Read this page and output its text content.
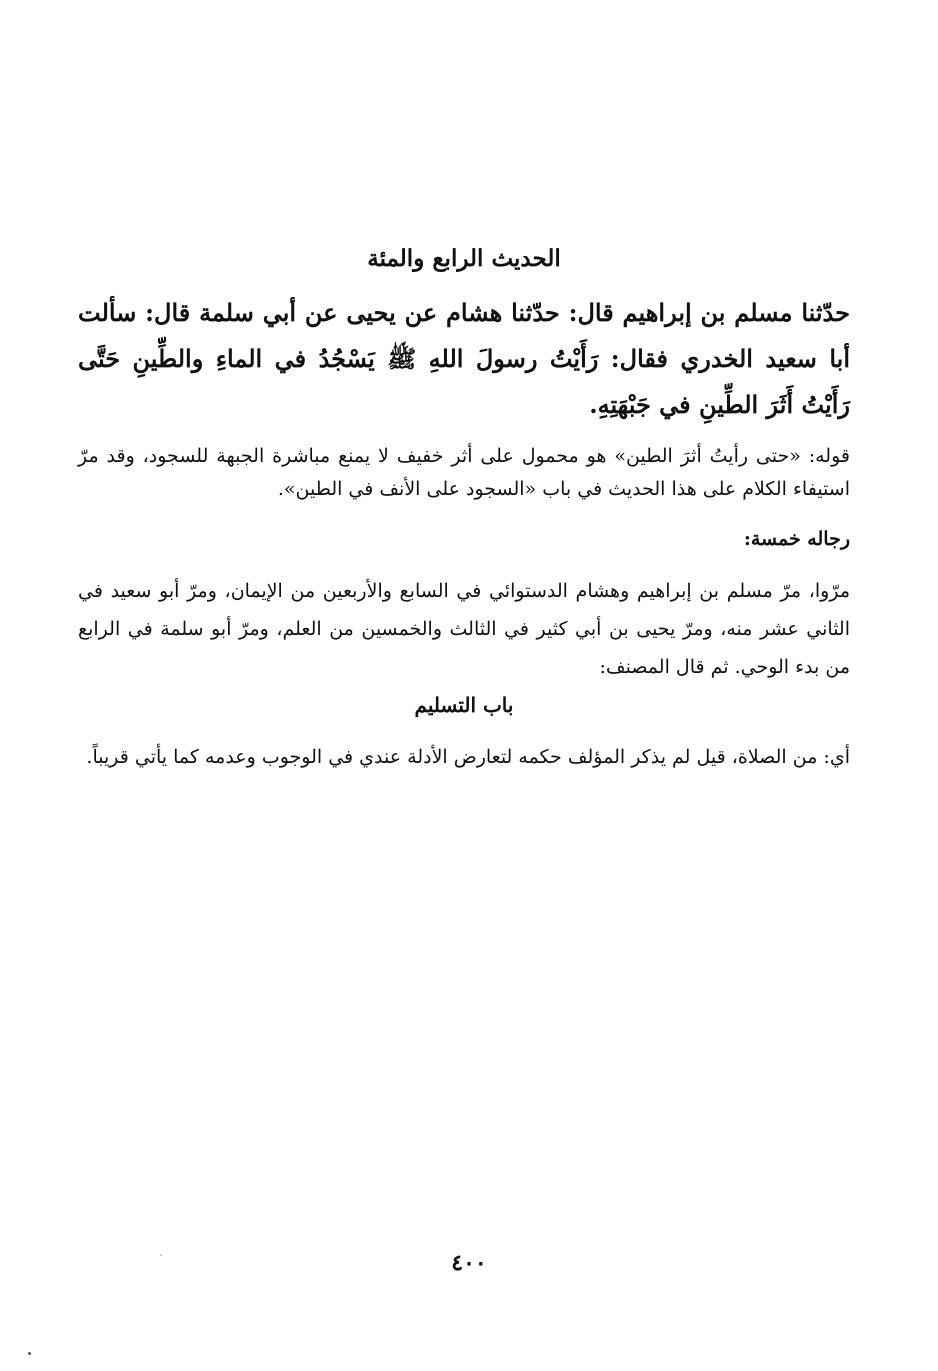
الحديث الرابع والمئة
حدّثنا مسلم بن إبراهيم قال: حدّثنا هشام عن يحيى عن أبي سلمة قال: سألت أبا سعيد الخدري فقال: رَأَيْتُ رسولَ اللهِ ﷺ يَسْجُدُ في الماءِ والطِّينِ حَتَّى رَأَيْتُ أَثَرَ الطِّينِ في جَبْهَتِهِ.
قوله: «حتى رأيتُ أثرَ الطين» هو محمول على أثر خفيف لا يمنع مباشرة الجبهة للسجود، وقد مرّ استيفاء الكلام على هذا الحديث في باب «السجود على الأنف في الطين».
رجاله خمسة:
مرّوا، مرّ مسلم بن إبراهيم وهشام الدستوائي في السابع والأربعين من الإيمان، ومرّ أبو سعيد في الثاني عشر منه، ومرّ يحيى بن أبي كثير في الثالث والخمسين من العلم، ومرّ أبو سلمة في الرابع من بدء الوحي. ثم قال المصنف:
باب التسليم
أي: من الصلاة، قيل لم يذكر المؤلف حكمه لتعارض الأدلة عندي في الوجوب وعدمه كما يأتي قريباً.
٤٠٠
